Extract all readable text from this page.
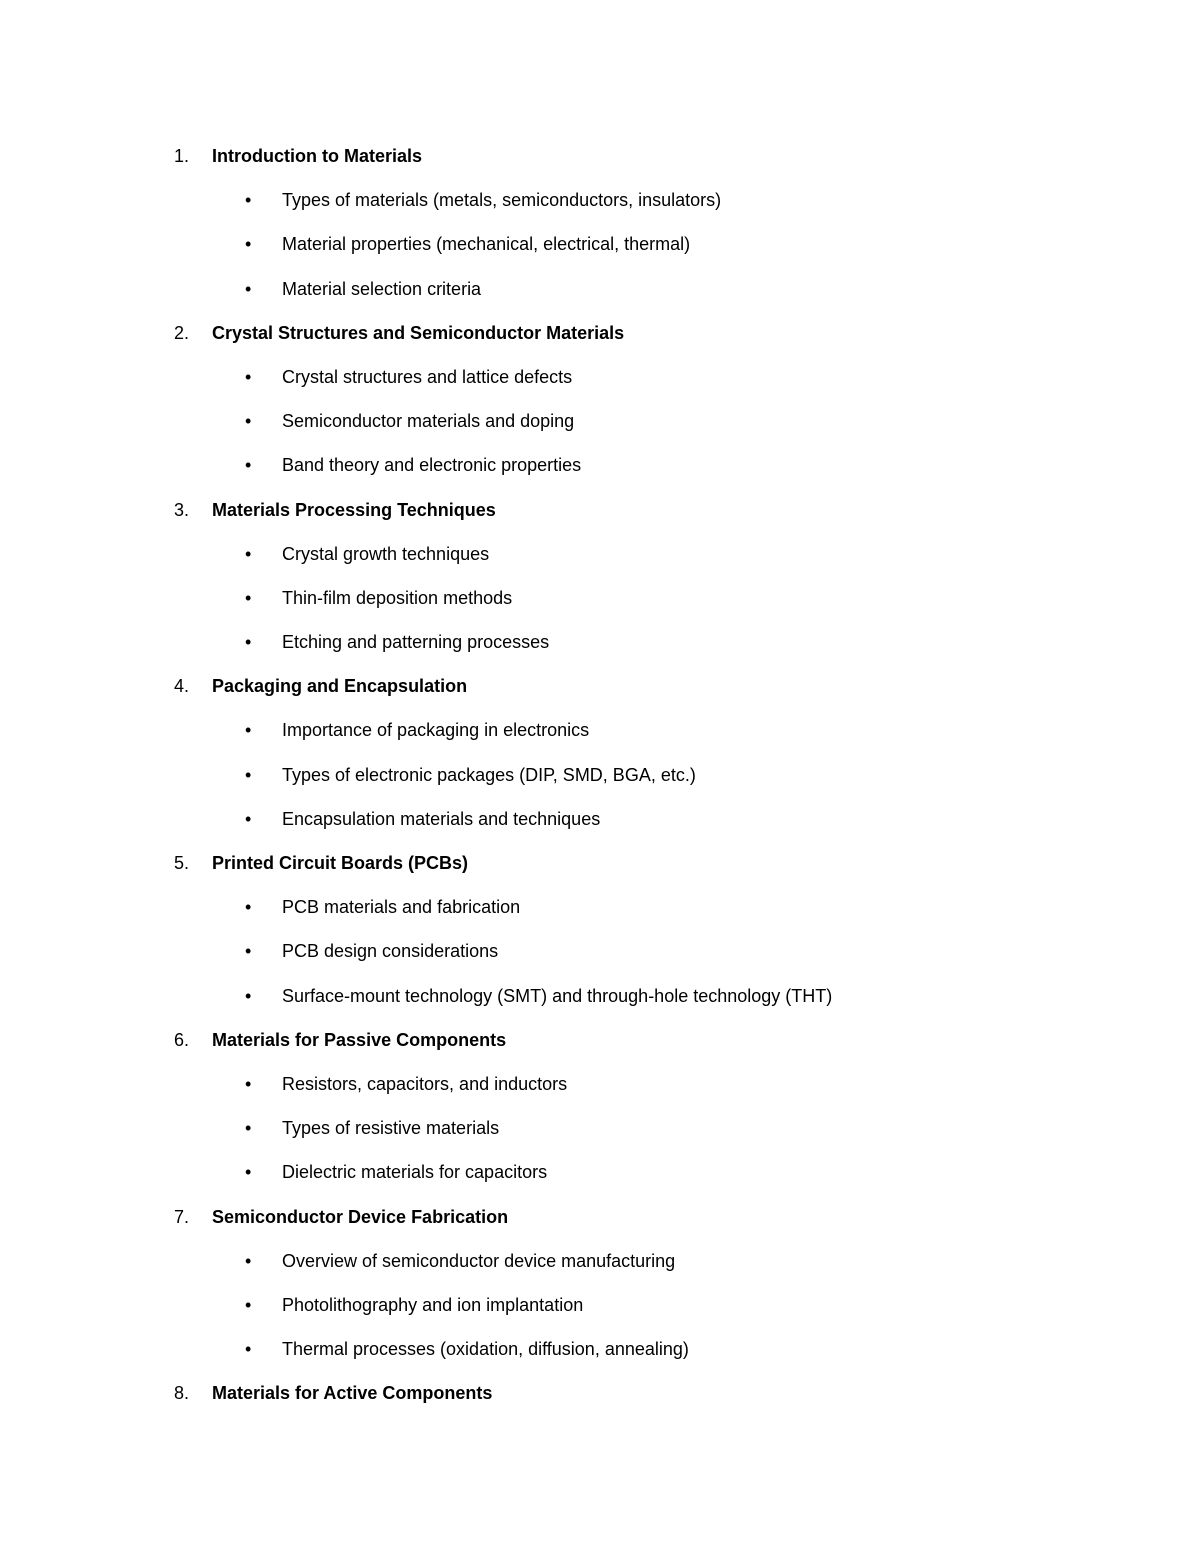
1. Introduction to Materials
• Types of materials (metals, semiconductors, insulators)
• Material properties (mechanical, electrical, thermal)
• Material selection criteria
2. Crystal Structures and Semiconductor Materials
• Crystal structures and lattice defects
• Semiconductor materials and doping
• Band theory and electronic properties
3. Materials Processing Techniques
• Crystal growth techniques
• Thin-film deposition methods
• Etching and patterning processes
4. Packaging and Encapsulation
• Importance of packaging in electronics
• Types of electronic packages (DIP, SMD, BGA, etc.)
• Encapsulation materials and techniques
5. Printed Circuit Boards (PCBs)
• PCB materials and fabrication
• PCB design considerations
• Surface-mount technology (SMT) and through-hole technology (THT)
6. Materials for Passive Components
• Resistors, capacitors, and inductors
• Types of resistive materials
• Dielectric materials for capacitors
7. Semiconductor Device Fabrication
• Overview of semiconductor device manufacturing
• Photolithography and ion implantation
• Thermal processes (oxidation, diffusion, annealing)
8. Materials for Active Components
